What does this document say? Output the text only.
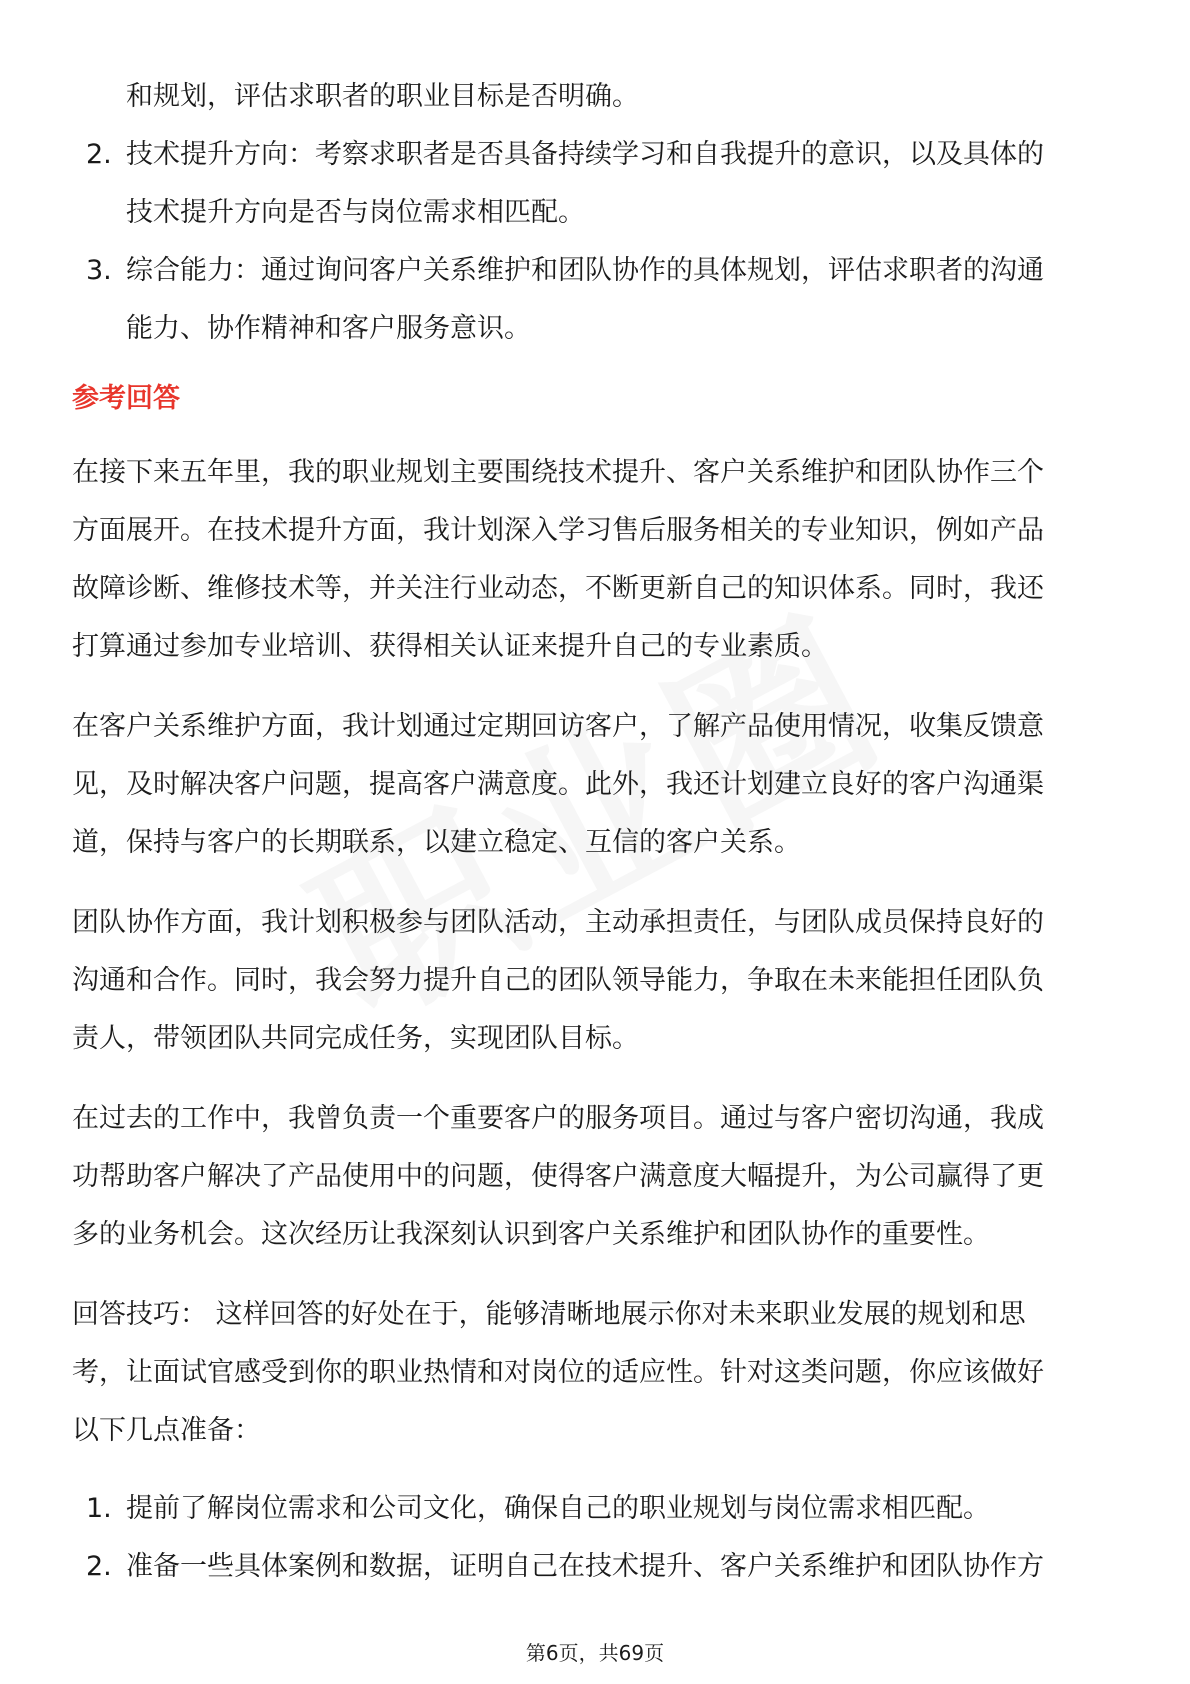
和规划，评估求职者的职业目标是否明确。
2. 技术提升方向：考察求职者是否具备持续学习和自我提升的意识，以及具体的
技术提升方向是否与岗位需求相匹配。
3. 综合能力：通过询问客户关系维护和团队协作的具体规划，评估求职者的沟通
能力、协作精神和客户服务意识。
参考回答
在接下来五年里，我的职业规划主要围绕技术提升、客户关系维护和团队协作三个
方面展开。在技术提升方面，我计划深入学习售后服务相关的专业知识，例如产品
故障诊断、维修技术等，并关注行业动态，不断更新自己的知识体系。同时，我还
打算通过参加专业培训、获得相关认证来提升自己的专业素质。
在客户关系维护方面，我计划通过定期回访客户，了解产品使用情况，收集反馈意
见，及时解决客户问题，提高客户满意度。此外，我还计划建立良好的客户沟通渠
道，保持与客户的长期联系，以建立稳定、互信的客户关系。
团队协作方面，我计划积极参与团队活动，主动承担责任，与团队成员保持良好的
沟通和合作。同时，我会努力提升自己的团队领导能力，争取在未来能担任团队负
责人，带领团队共同完成任务，实现团队目标。
在过去的工作中，我曾负责一个重要客户的服务项目。通过与客户密切沟通，我成
功帮助客户解决了产品使用中的问题，使得客户满意度大幅提升，为公司赢得了更
多的业务机会。这次经历让我深刻认识到客户关系维护和团队协作的重要性。
回答技巧： 这样回答的好处在于，能够清晰地展示你对未来职业发展的规划和思
考，让面试官感受到你的职业热情和对岗位的适应性。针对这类问题，你应该做好
以下几点准备：
1. 提前了解岗位需求和公司文化，确保自己的职业规划与岗位需求相匹配。
2. 准备一些具体案例和数据，证明自己在技术提升、客户关系维护和团队协作方
第6页，共69页
